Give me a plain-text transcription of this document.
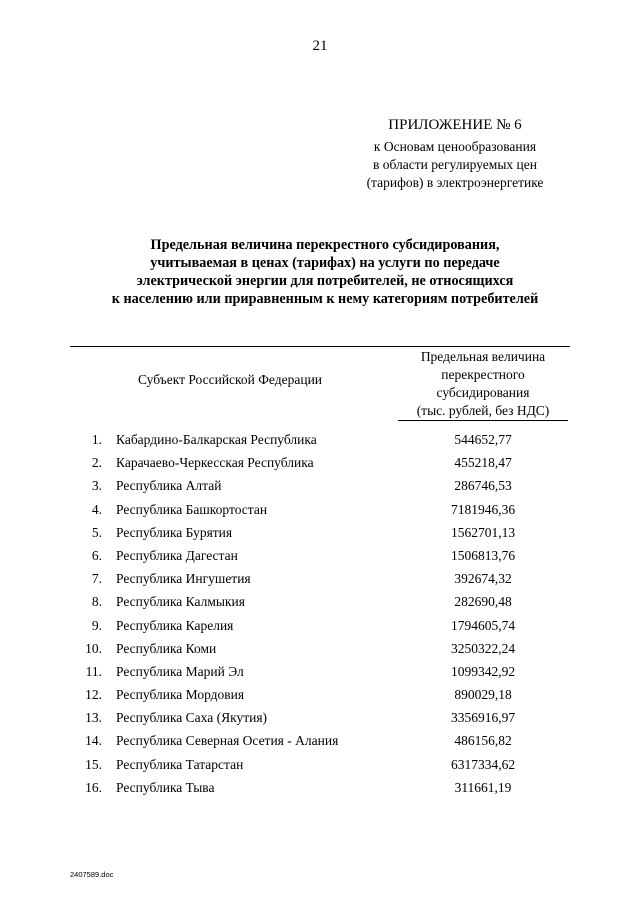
21
ПРИЛОЖЕНИЕ № 6
к Основам ценообразования
в области регулируемых цен
(тарифов) в электроэнергетике
Предельная величина перекрестного субсидирования,
учитываемая в ценах (тарифах) на услуги по передаче
электрической энергии для потребителей, не относящихся
к населению или приравненным к нему категориям потребителей
Субъект Российской Федерации
Предельная величина
перекрестного
субсидирования
(тыс. рублей, без НДС)
1. Кабардино-Балкарская Республика	544652,77
2. Карачаево-Черкесская Республика	455218,47
3. Республика Алтай	286746,53
4. Республика Башкортостан	7181946,36
5. Республика Бурятия	1562701,13
6. Республика Дагестан	1506813,76
7. Республика Ингушетия	392674,32
8. Республика Калмыкия	282690,48
9. Республика Карелия	1794605,74
10. Республика Коми	3250322,24
11. Республика Марий Эл	1099342,92
12. Республика Мордовия	890029,18
13. Республика Саха (Якутия)	3356916,97
14. Республика Северная Осетия - Алания	486156,82
15. Республика Татарстан	6317334,62
16. Республика Тыва	311661,19
2407589.doc
